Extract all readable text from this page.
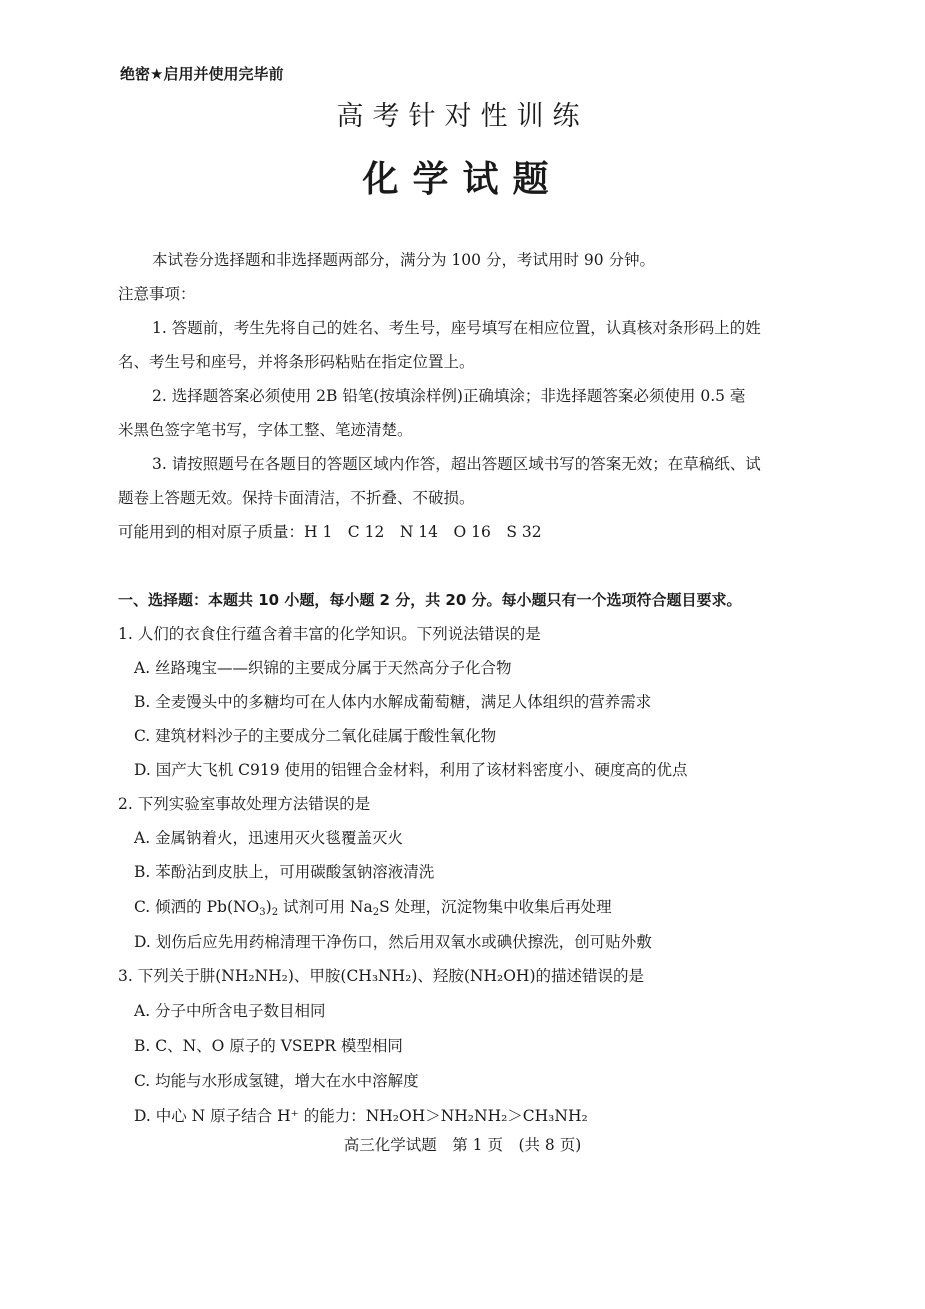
绝密★启用并使用完毕前
高考针对性训练
化学试题
本试卷分选择题和非选择题两部分，满分为 100 分，考试用时 90 分钟。
注意事项：
1. 答题前，考生先将自己的姓名、考生号，座号填写在相应位置，认真核对条形码上的姓
名、考生号和座号，并将条形码粘贴在指定位置上。
2. 选择题答案必须使用 2B 铅笔(按填涂样例)正确填涂；非选择题答案必须使用 0.5 毫
米黑色签字笔书写，字体工整、笔迹清楚。
3. 请按照题号在各题目的答题区域内作答，超出答题区域书写的答案无效；在草稿纸、试
题卷上答题无效。保持卡面清洁，不折叠、不破损。
可能用到的相对原子质量：H 1　C 12　N 14　O 16　S 32
一、选择题：本题共 10 小题，每小题 2 分，共 20 分。每小题只有一个选项符合题目要求。
1. 人们的衣食住行蕴含着丰富的化学知识。下列说法错误的是
A. 丝路瑰宝——织锦的主要成分属于天然高分子化合物
B. 全麦馒头中的多糖均可在人体内水解成葡萄糖，满足人体组织的营养需求
C. 建筑材料沙子的主要成分二氧化硅属于酸性氧化物
D. 国产大飞机 C919 使用的铝锂合金材料，利用了该材料密度小、硬度高的优点
2. 下列实验室事故处理方法错误的是
A. 金属钠着火，迅速用灭火毯覆盖灭火
B. 苯酚沾到皮肤上，可用碳酸氢钠溶液清洗
C. 倾洒的 $Pb(NO_3)_2$ 试剂可用 $Na_2S$ 处理，沉淀物集中收集后再处理
D. 划伤后应先用药棉清理干净伤口，然后用双氧水或碘伏擦洗，创可贴外敷
3. 下列关于肼(NH₂NH₂)、甲胺(CH₃NH₂)、羟胺(NH₂OH)的描述错误的是
A. 分子中所含电子数目相同
B. C、N、O 原子的 VSEPR 模型相同
C. 均能与水形成氢键，增大在水中溶解度
D. 中心 N 原子结合 H⁺ 的能力：NH₂OH＞NH₂NH₂＞CH₃NH₂
高三化学试题　第 1 页　(共 8 页)
